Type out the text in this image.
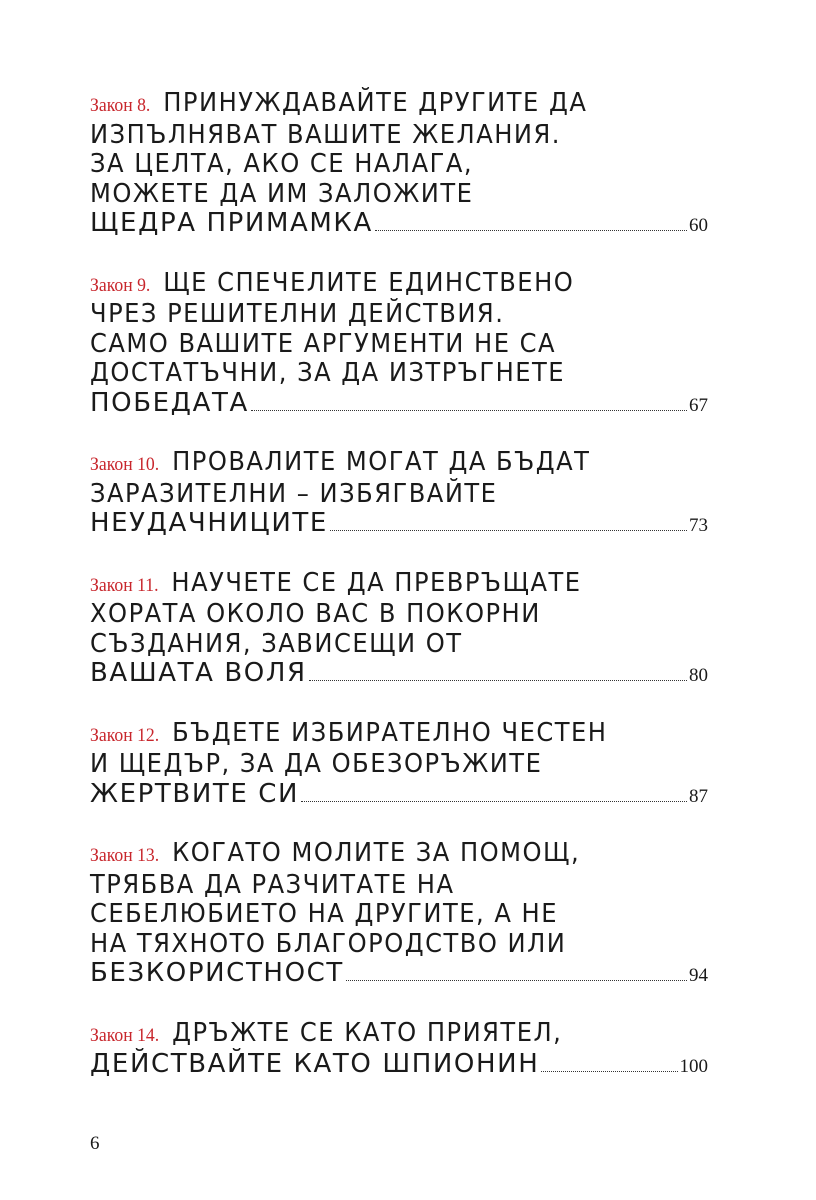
Закон 8. ПРИНУЖДАВАЙТЕ ДРУГИТЕ ДА
ИЗПЪЛНЯВАТ ВАШИТЕ ЖЕЛАНИЯ.
ЗА ЦЕЛТА, АКО СЕ НАЛАГА,
МОЖЕТЕ ДА ИМ ЗАЛОЖИТЕ
ЩЕДРА ПРИМАМКА	60
Закон 9. ЩЕ СПЕЧЕЛИТЕ ЕДИНСТВЕНО
ЧРЕЗ РЕШИТЕЛНИ ДЕЙСТВИЯ.
САМО ВАШИТЕ АРГУМЕНТИ НЕ СА
ДОСТАТЪЧНИ, ЗА ДА ИЗТРЪГНЕТЕ
ПОБЕДАТА	67
Закон 10. ПРОВАЛИТЕ МОГАТ ДА БЪДАТ
ЗАРАЗИТЕЛНИ – ИЗБЯГВАЙТЕ
НЕУДАЧНИЦИТЕ	73
Закон 11. НАУЧЕТЕ СЕ ДА ПРЕВРЪЩАТЕ
ХОРАТА ОКОЛО ВАС В ПОКОРНИ
СЪЗДАНИЯ, ЗАВИСЕЩИ ОТ
ВАШАТА ВОЛЯ	80
Закон 12. БЪДЕТЕ ИЗБИРАТЕЛНО ЧЕСТЕН
И ЩЕДЪР, ЗА ДА ОБЕЗОРЪЖИТЕ
ЖЕРТВИТЕ СИ	87
Закон 13. КОГАТО МОЛИТЕ ЗА ПОМОЩ,
ТРЯБВА ДА РАЗЧИТАТЕ НА
СЕБЕЛЮБИЕТО НА ДРУГИТЕ, А НЕ
НА ТЯХНОТО БЛАГОРОДСТВО ИЛИ
БЕЗКОРИСТНОСТ	94
Закон 14. ДРЪЖТЕ СЕ КАТО ПРИЯТЕЛ,
ДЕЙСТВАЙТЕ КАТО ШПИОНИН	100
6
